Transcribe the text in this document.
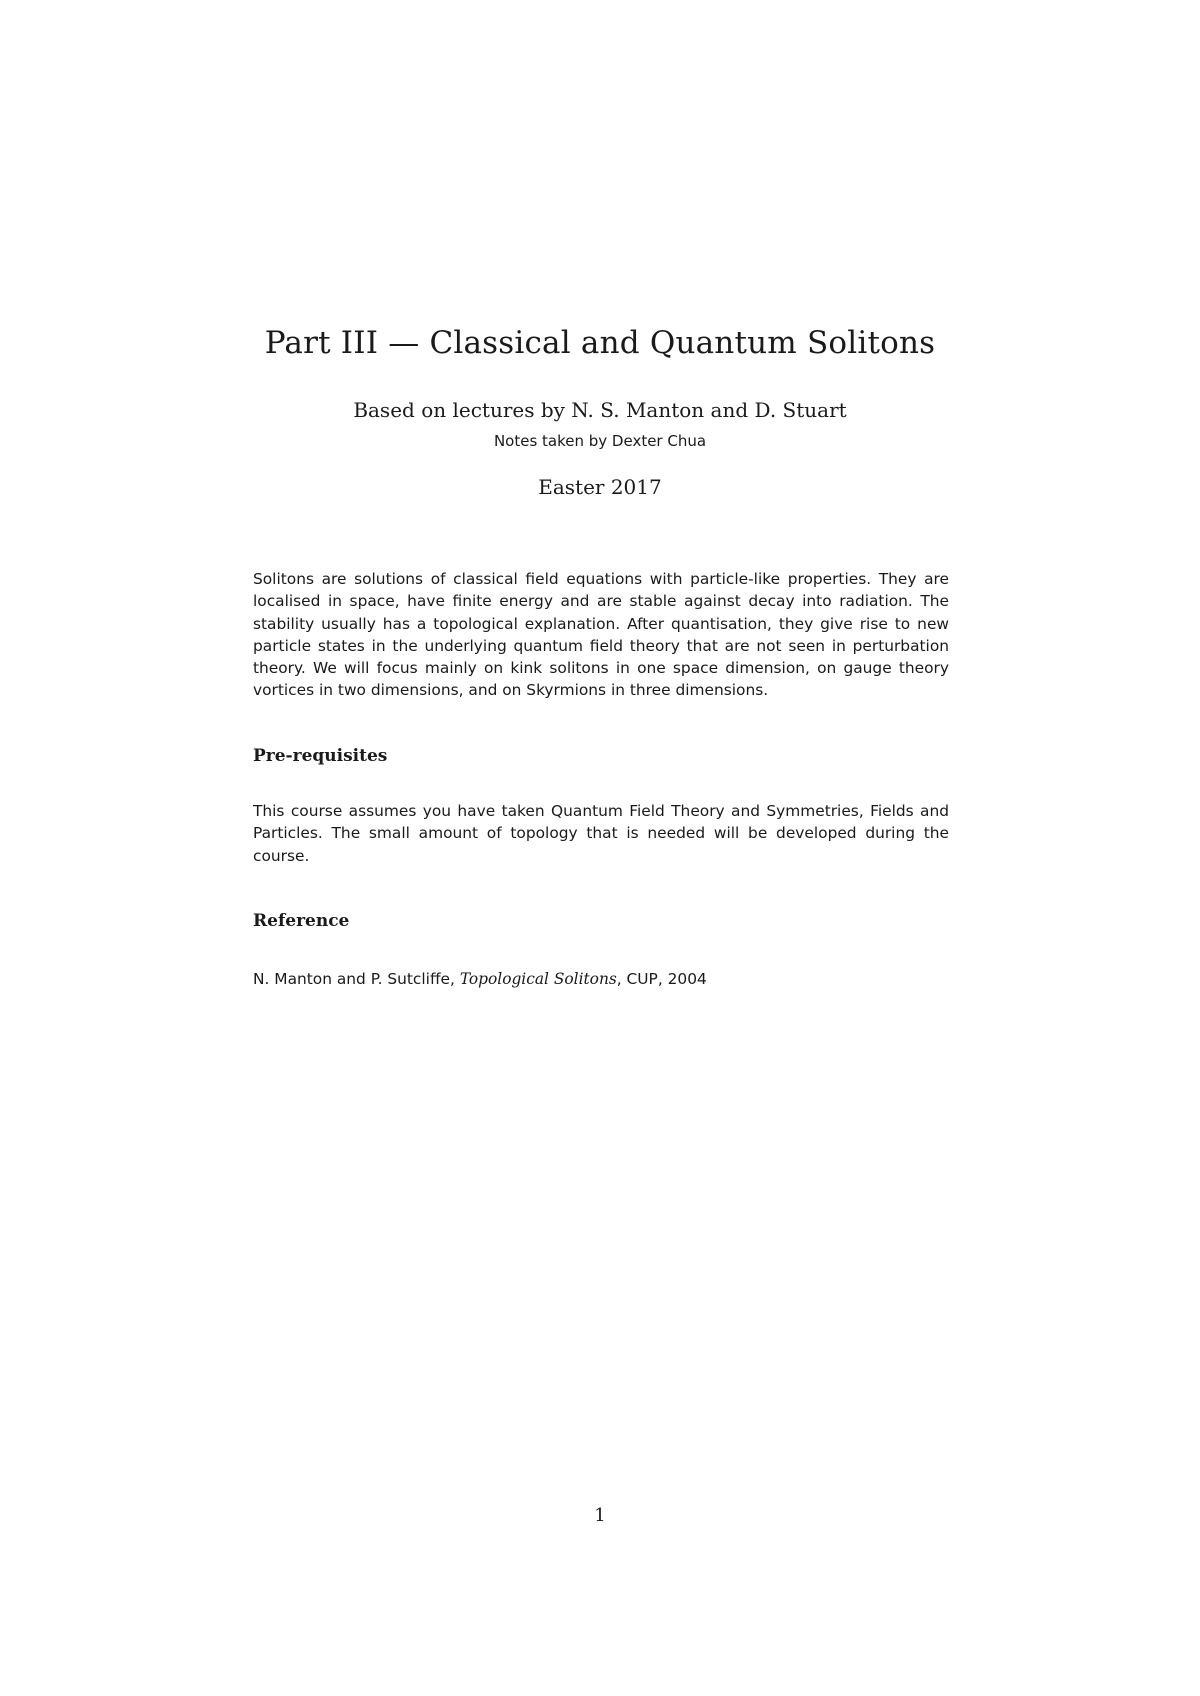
Part III — Classical and Quantum Solitons
Based on lectures by N. S. Manton and D. Stuart
Notes taken by Dexter Chua
Easter 2017

Solitons are solutions of classical field equations with particle-like properties. They are localised in space, have finite energy and are stable against decay into radiation. The stability usually has a topological explanation. After quantisation, they give rise to new particle states in the underlying quantum field theory that are not seen in perturbation theory. We will focus mainly on kink solitons in one space dimension, on gauge theory vortices in two dimensions, and on Skyrmions in three dimensions.

Pre-requisites

This course assumes you have taken Quantum Field Theory and Symmetries, Fields and Particles. The small amount of topology that is needed will be developed during the course.

Reference

N. Manton and P. Sutcliffe, Topological Solitons, CUP, 2004

1
